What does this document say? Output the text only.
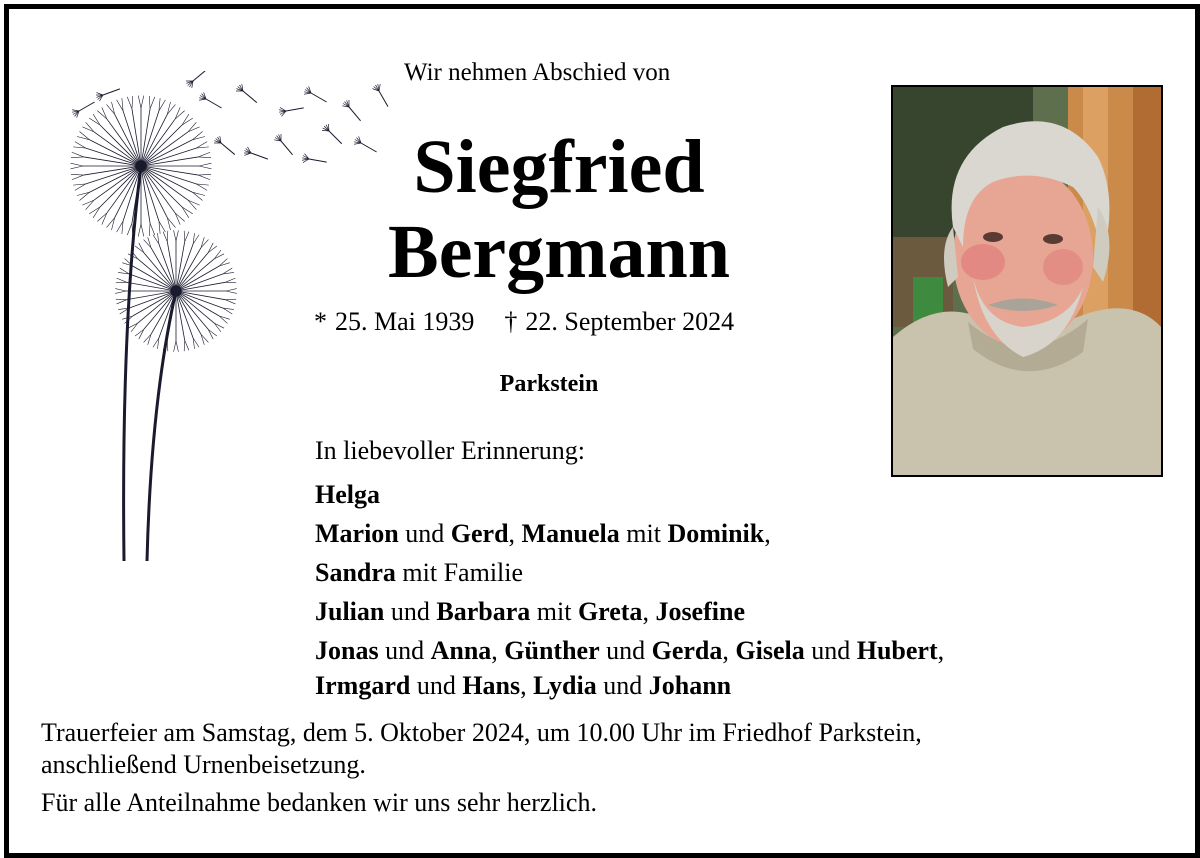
Wir nehmen Abschied von
Siegfried
Bergmann
* 25. Mai 1939 † 22. September 2024
Parkstein
In liebevoller Erinnerung:
Helga
Marion und Gerd, Manuela mit Dominik,
Sandra mit Familie
Julian und Barbara mit Greta, Josefine
Jonas und Anna, Günther und Gerda, Gisela und Hubert,
Irmgard und Hans, Lydia und Johann
Trauerfeier am Samstag, dem 5. Oktober 2024, um 10.00 Uhr im Friedhof Parkstein,
anschließend Urnenbeisetzung.
Für alle Anteilnahme bedanken wir uns sehr herzlich.
